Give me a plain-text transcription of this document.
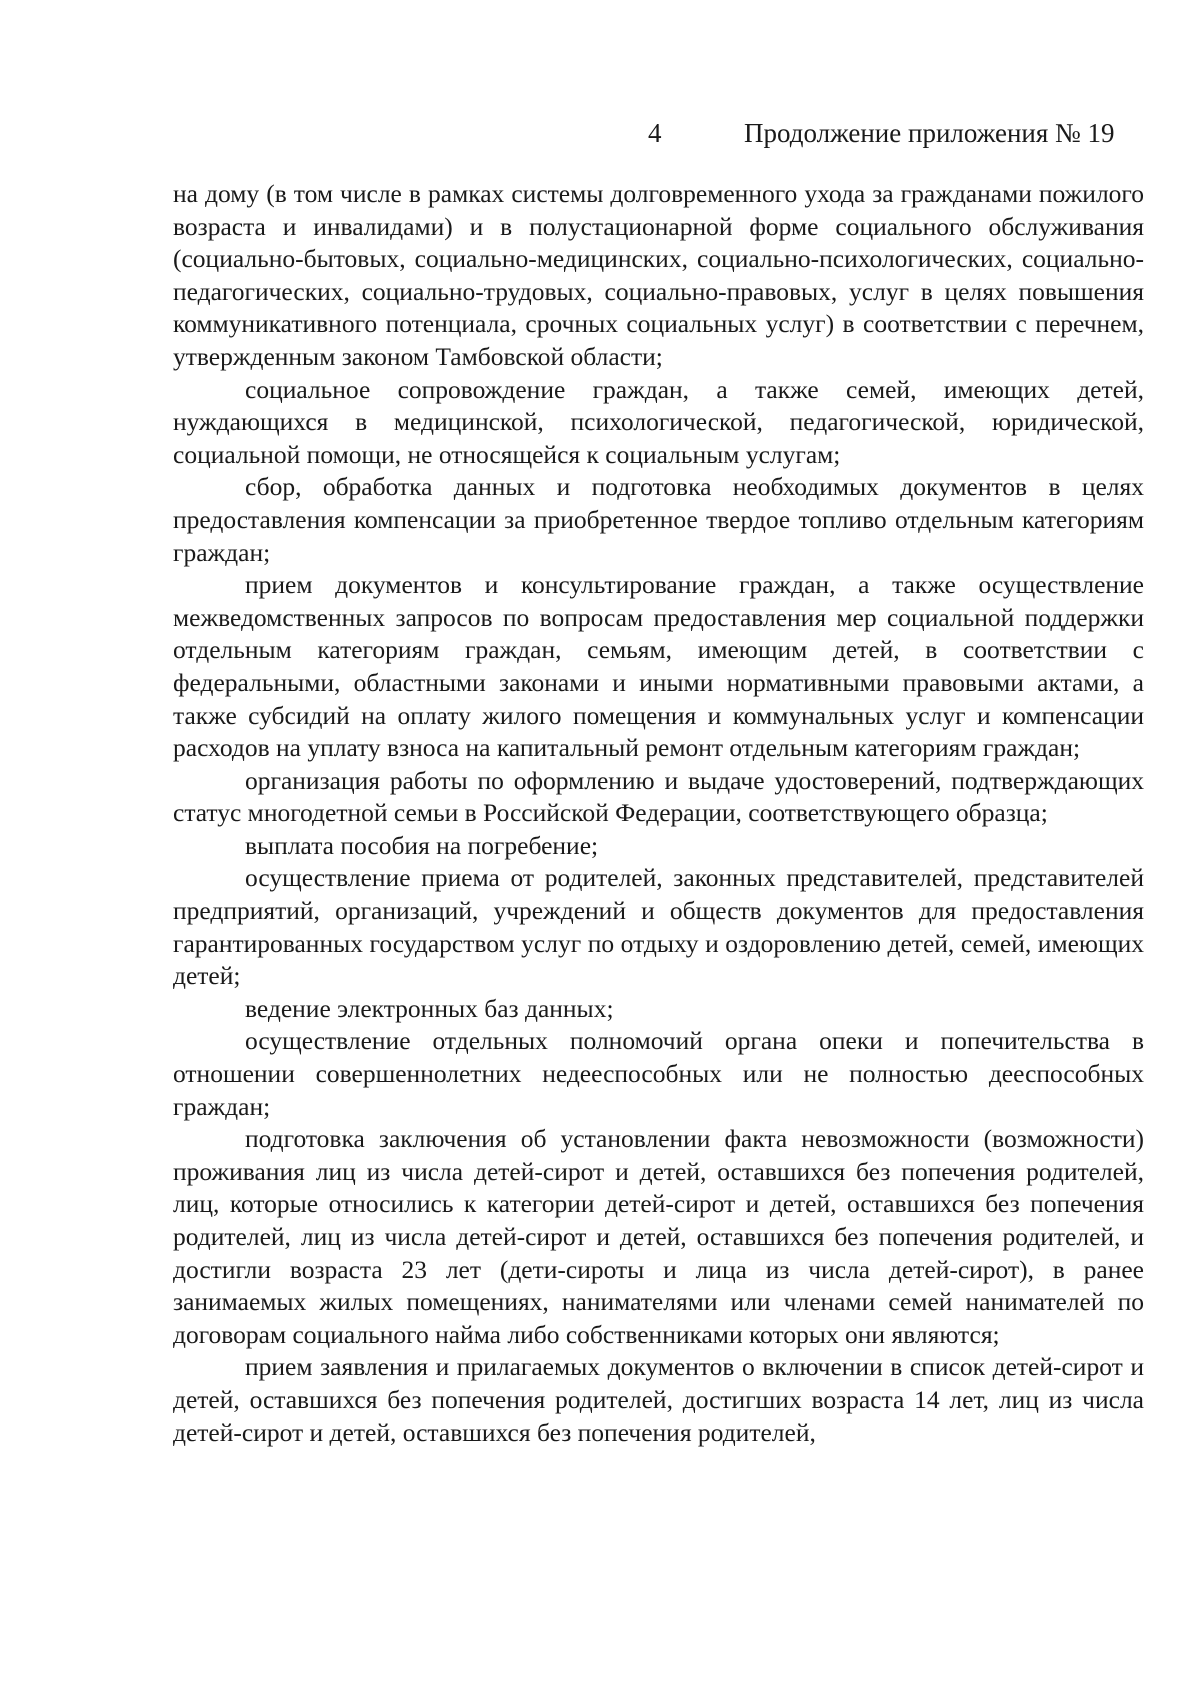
4	Продолжение приложения № 19

на дому (в том числе в рамках системы долговременного ухода за гражданами пожилого возраста и инвалидами) и в полустационарной форме социального обслуживания (социально-бытовых, социально-медицинских, социально-психологических, социально-педагогических, социально-трудовых, социально-правовых, услуг в целях повышения коммуникативного потенциала, срочных социальных услуг) в соответствии с перечнем, утвержденным законом Тамбовской области;

социальное сопровождение граждан, а также семей, имеющих детей, нуждающихся в медицинской, психологической, педагогической, юридической, социальной помощи, не относящейся к социальным услугам;

сбор, обработка данных и подготовка необходимых документов в целях предоставления компенсации за приобретенное твердое топливо отдельным категориям граждан;

прием документов и консультирование граждан, а также осуществление межведомственных запросов по вопросам предоставления мер социальной поддержки отдельным категориям граждан, семьям, имеющим детей, в соответствии с федеральными, областными законами и иными нормативными правовыми актами, а также субсидий на оплату жилого помещения и коммунальных услуг и компенсации расходов на уплату взноса на капитальный ремонт отдельным категориям граждан;

организация работы по оформлению и выдаче удостоверений, подтверждающих статус многодетной семьи в Российской Федерации, соответствующего образца;

выплата пособия на погребение;

осуществление приема от родителей, законных представителей, представителей предприятий, организаций, учреждений и обществ документов для предоставления гарантированных государством услуг по отдыху и оздоровлению детей, семей, имеющих детей;

ведение электронных баз данных;

осуществление отдельных полномочий органа опеки и попечительства в отношении совершеннолетних недееспособных или не полностью дееспособных граждан;

подготовка заключения об установлении факта невозможности (возможности) проживания лиц из числа детей-сирот и детей, оставшихся без попечения родителей, лиц, которые относились к категории детей-сирот и детей, оставшихся без попечения родителей, лиц из числа детей-сирот и детей, оставшихся без попечения родителей, и достигли возраста 23 лет (дети-сироты и лица из числа детей-сирот), в ранее занимаемых жилых помещениях, нанимателями или членами семей нанимателей по договорам социального найма либо собственниками которых они являются;

прием заявления и прилагаемых документов о включении в список детей-сирот и детей, оставшихся без попечения родителей, достигших возраста 14 лет, лиц из числа детей-сирот и детей, оставшихся без попечения родителей,
